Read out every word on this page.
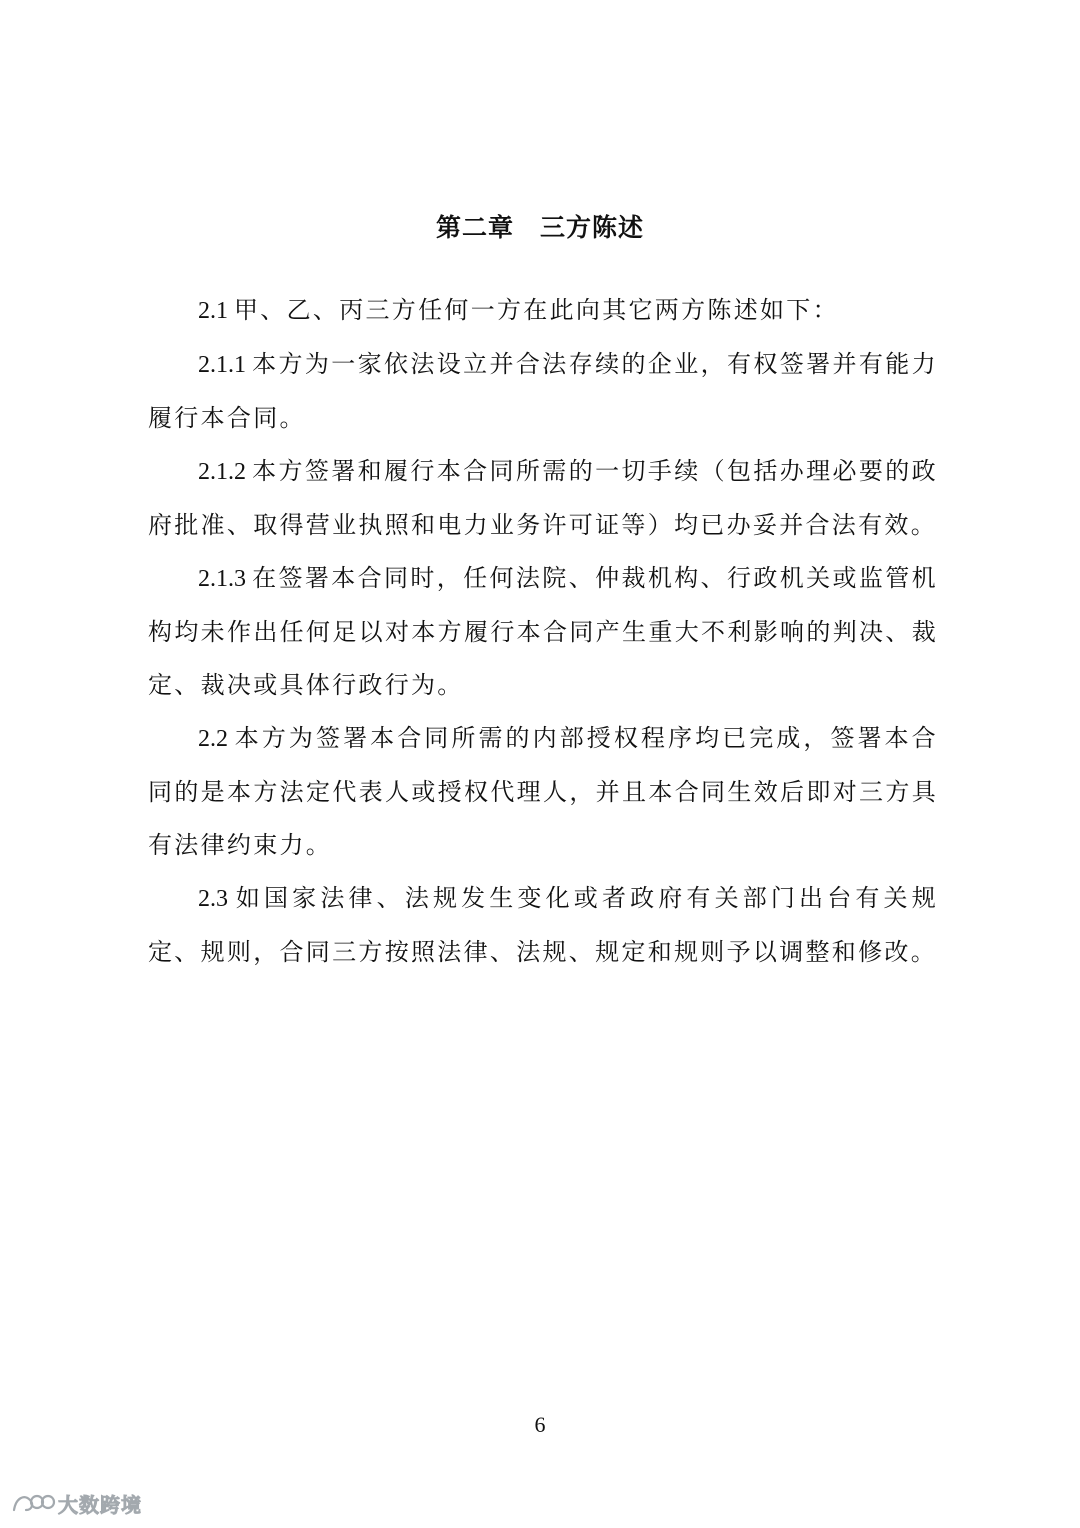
第二章　三方陈述

2.1 甲、乙、丙三方任何一方在此向其它两方陈述如下：

2.1.1 本方为一家依法设立并合法存续的企业，有权签署并有能力履行本合同。

2.1.2 本方签署和履行本合同所需的一切手续（包括办理必要的政府批准、取得营业执照和电力业务许可证等）均已办妥并合法有效。

2.1.3 在签署本合同时，任何法院、仲裁机构、行政机关或监管机构均未作出任何足以对本方履行本合同产生重大不利影响的判决、裁定、裁决或具体行政行为。

2.2 本方为签署本合同所需的内部授权程序均已完成，签署本合同的是本方法定代表人或授权代理人，并且本合同生效后即对三方具有法律约束力。

2.3 如国家法律、法规发生变化或者政府有关部门出台有关规定、规则，合同三方按照法律、法规、规定和规则予以调整和修改。

6
大数跨境
